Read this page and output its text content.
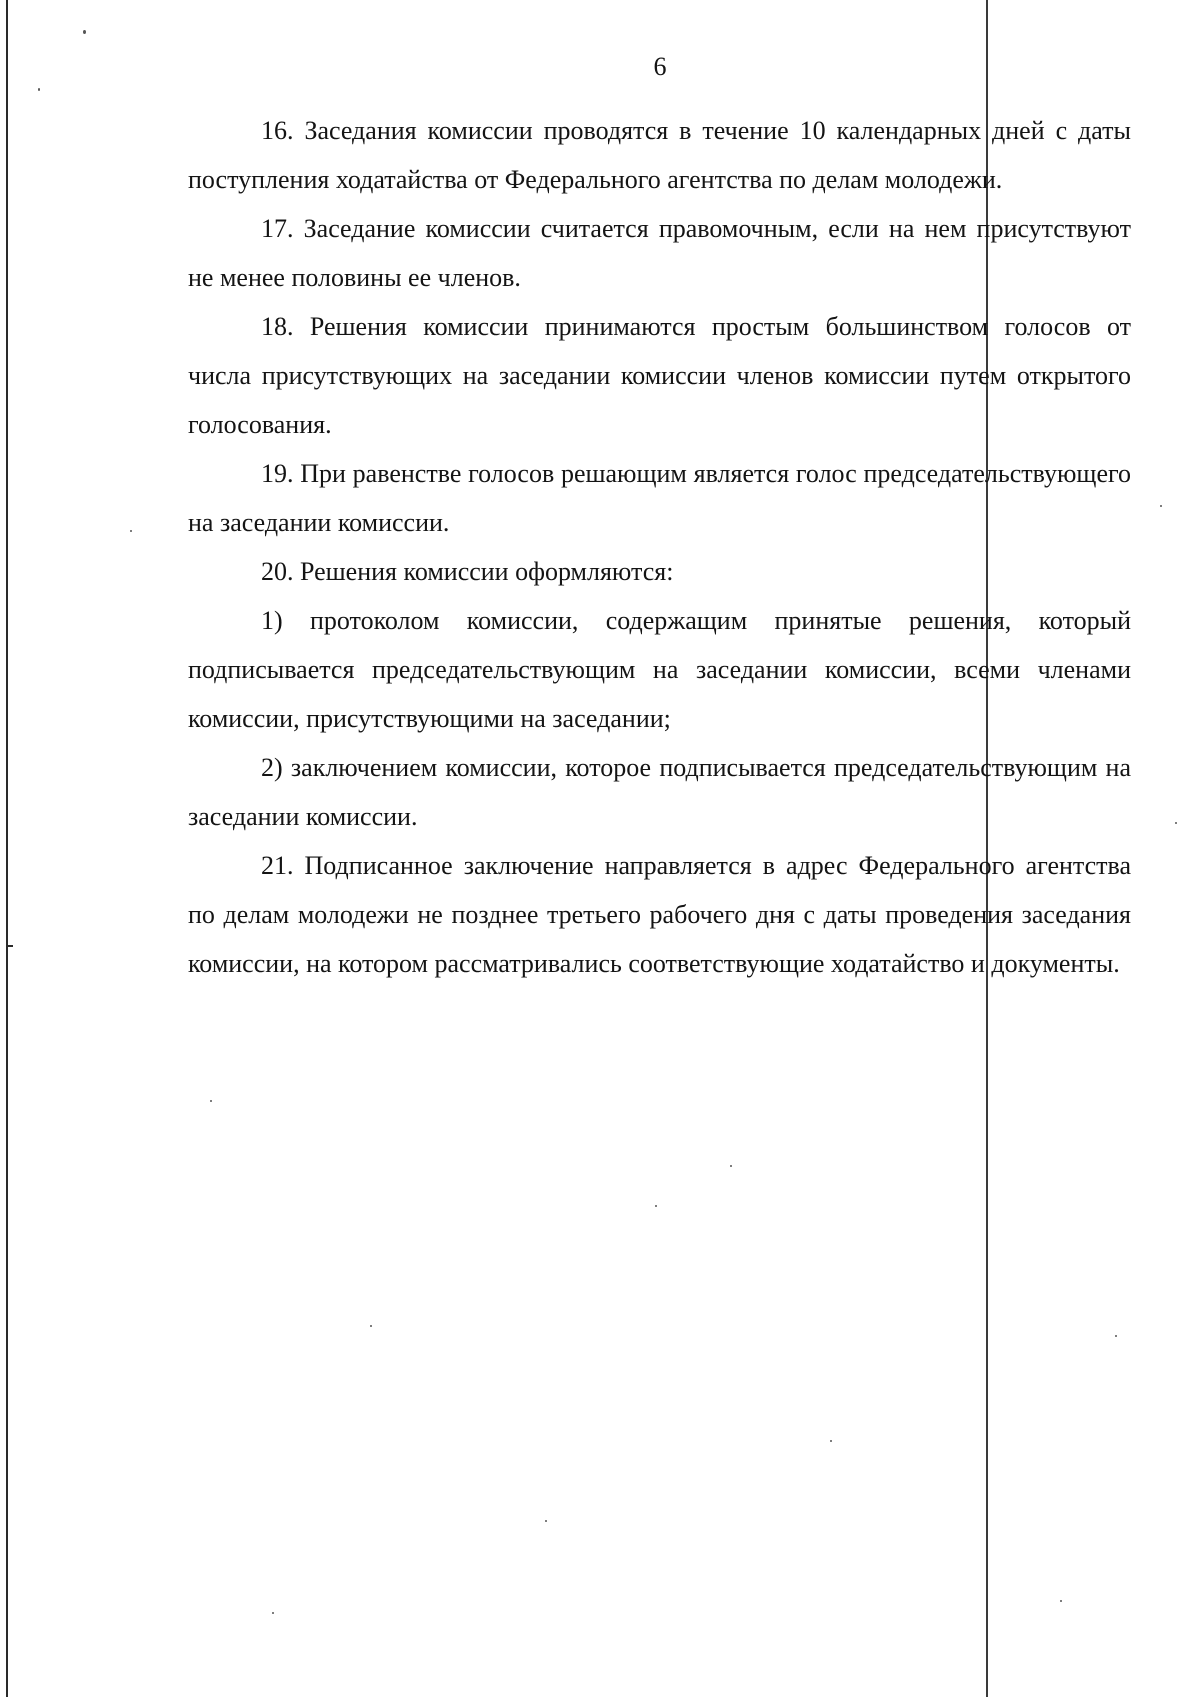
6

16. Заседания комиссии проводятся в течение 10 календарных дней с даты поступления ходатайства от Федерального агентства по делам молодежи.

17. Заседание комиссии считается правомочным, если на нем присутствуют не менее половины ее членов.

18. Решения комиссии принимаются простым большинством голосов от числа присутствующих на заседании комиссии членов комиссии путем открытого голосования.

19. При равенстве голосов решающим является голос председательствующего на заседании комиссии.

20. Решения комиссии оформляются:

1) протоколом комиссии, содержащим принятые решения, который подписывается председательствующим на заседании комиссии, всеми членами комиссии, присутствующими на заседании;

2) заключением комиссии, которое подписывается председательствующим на заседании комиссии.

21. Подписанное заключение направляется в адрес Федерального агентства по делам молодежи не позднее третьего рабочего дня с даты проведения заседания комиссии, на котором рассматривались соответствующие ходатайство и документы.
